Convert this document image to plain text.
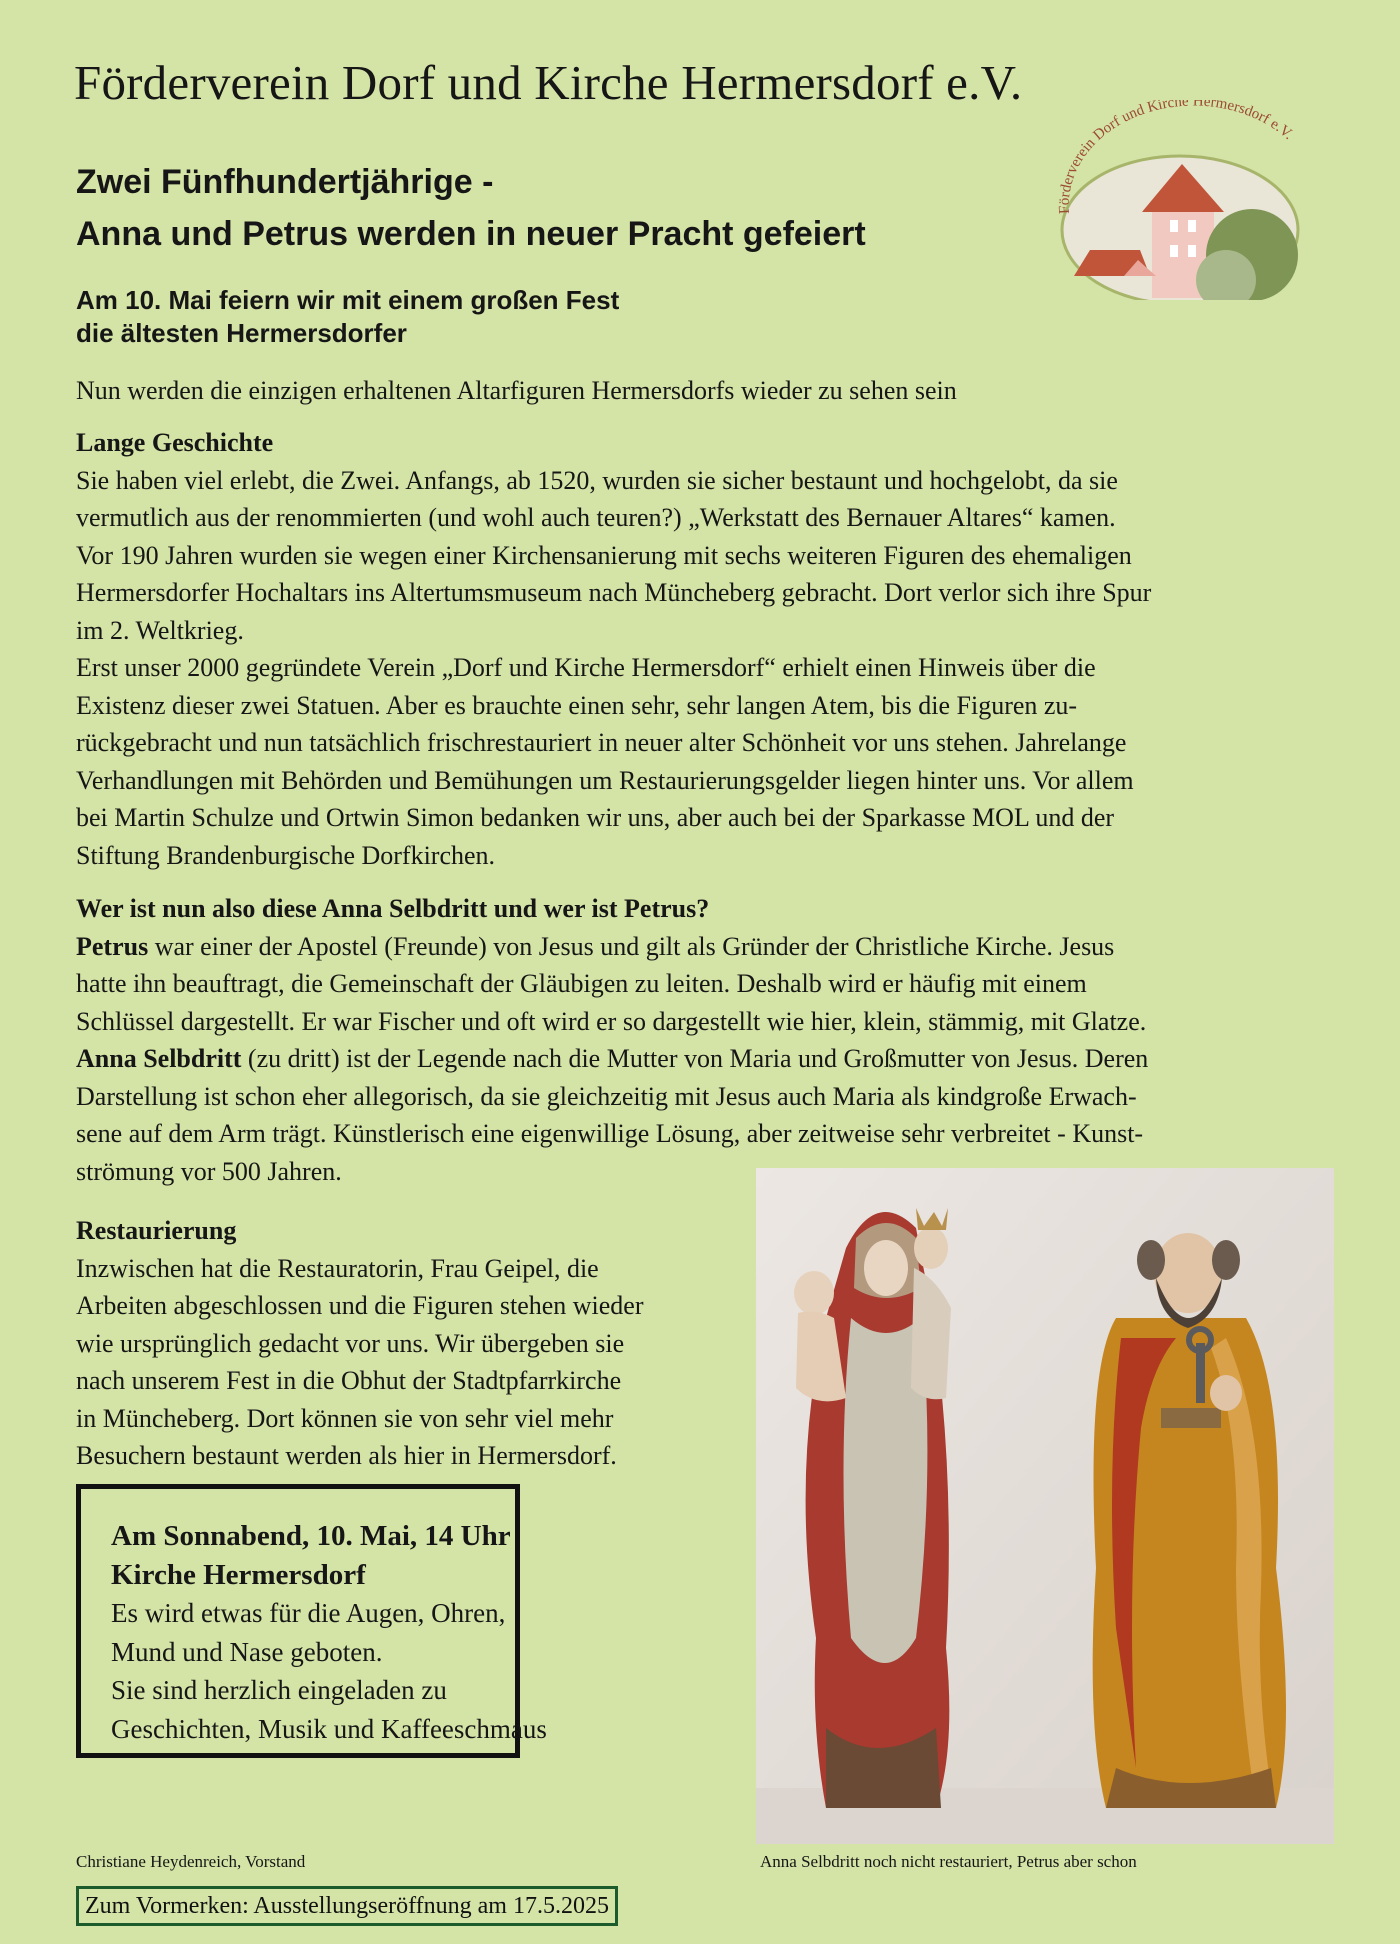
Förderverein Dorf und Kirche Hermersdorf e.V.
Zwei Fünfhundertjährige -
Anna und Petrus werden in neuer Pracht gefeiert
Am 10. Mai feiern wir mit einem großen Fest
die ältesten Hermersdorfer
Förderverein Dorf und Kirche Hermersdorf e.V.
Nun werden die einzigen erhaltenen Altarfiguren Hermersdorfs wieder zu sehen sein
Lange Geschichte
Sie haben viel erlebt, die Zwei. Anfangs, ab 1520, wurden sie sicher bestaunt und hochgelobt, da sie
vermutlich aus der renommierten (und wohl auch teuren?) „Werkstatt des Bernauer Altares“ kamen.
Vor 190 Jahren wurden sie wegen einer Kirchensanierung mit sechs weiteren Figuren des ehemaligen
Hermersdorfer Hochaltars ins Altertumsmuseum nach Müncheberg gebracht. Dort verlor sich ihre Spur
im 2. Weltkrieg.
Erst unser 2000 gegründete Verein „Dorf und Kirche Hermersdorf“ erhielt einen Hinweis über die
Existenz dieser zwei Statuen. Aber es brauchte einen sehr, sehr langen Atem, bis die Figuren zu-
rückgebracht und nun tatsächlich frischrestauriert in neuer alter Schönheit vor uns stehen. Jahrelange
Verhandlungen mit Behörden und Bemühungen um Restaurierungsgelder liegen hinter uns. Vor allem
bei Martin Schulze und Ortwin Simon bedanken wir uns, aber auch bei der Sparkasse MOL und der
Stiftung Brandenburgische Dorfkirchen.
Wer ist nun also diese Anna Selbdritt und wer ist Petrus?
Petrus war einer der Apostel (Freunde) von Jesus und gilt als Gründer der Christliche Kirche. Jesus
hatte ihn beauftragt, die Gemeinschaft der Gläubigen zu leiten. Deshalb wird er häufig mit einem
Schlüssel dargestellt. Er war Fischer und oft wird er so dargestellt wie hier, klein, stämmig, mit Glatze.
Anna Selbdritt (zu dritt) ist der Legende nach die Mutter von Maria und Großmutter von Jesus. Deren
Darstellung ist schon eher allegorisch, da sie gleichzeitig mit Jesus auch Maria als kindgroße Erwach-
sene auf dem Arm trägt. Künstlerisch eine eigenwillige Lösung, aber zeitweise sehr verbreitet - Kunst-
strömung vor 500 Jahren.
Restaurierung
Inzwischen hat die Restauratorin, Frau Geipel, die
Arbeiten abgeschlossen und die Figuren stehen wieder
wie ursprünglich gedacht vor uns. Wir übergeben sie
nach unserem Fest in die Obhut der Stadtpfarrkirche
in Müncheberg. Dort können sie von sehr viel mehr
Besuchern bestaunt werden als hier in Hermersdorf.
Am Sonnabend, 10. Mai, 14 Uhr
Kirche Hermersdorf
Es wird etwas für die Augen, Ohren,
Mund und Nase geboten.
Sie sind herzlich eingeladen zu
Geschichten, Musik und Kaffeeschmaus
Christiane Heydenreich, Vorstand	Anna Selbdritt noch nicht restauriert, Petrus aber schon
Zum Vormerken: Ausstellungseröffnung am 17.5.2025
